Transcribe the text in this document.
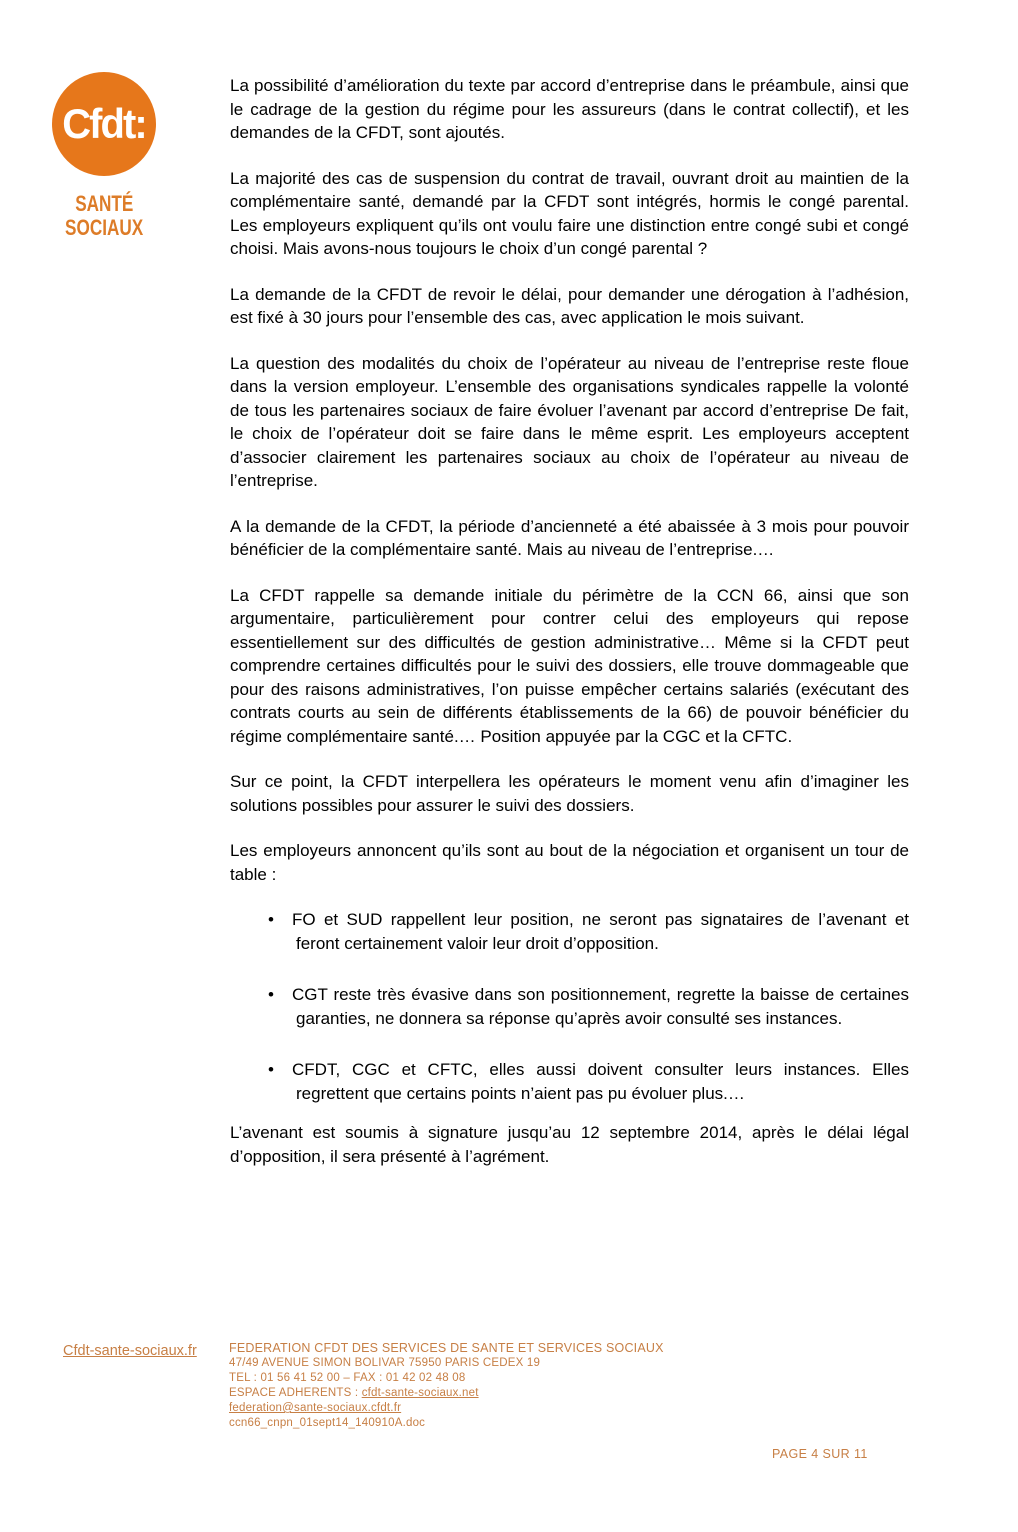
Cfdt:
SANTÉ
SOCIAUX

La possibilité d’amélioration du texte par accord d’entreprise dans le préambule, ainsi que le cadrage de la gestion du régime pour les assureurs (dans le contrat collectif), et les demandes de la CFDT, sont ajoutés.

La majorité des cas de suspension du contrat de travail, ouvrant droit au maintien de la complémentaire santé, demandé par la CFDT sont intégrés, hormis le congé parental. Les employeurs expliquent qu’ils ont voulu faire une distinction entre congé subi et congé choisi. Mais avons-nous toujours le choix d’un congé parental ?

La demande de la CFDT de revoir le délai, pour demander une dérogation à l’adhésion, est fixé à 30 jours pour l’ensemble des cas, avec application le mois suivant.

La question des modalités du choix de l’opérateur au niveau de l’entreprise reste floue dans la version employeur. L’ensemble des organisations syndicales rappelle la volonté de tous les partenaires sociaux de faire évoluer l’avenant par accord d’entreprise De fait, le choix de l’opérateur doit se faire dans le même esprit. Les employeurs acceptent d’associer clairement les partenaires sociaux au choix de l’opérateur au niveau de l’entreprise.

A la demande de la CFDT, la période d’ancienneté a été abaissée à 3 mois pour pouvoir bénéficier de la complémentaire santé. Mais au niveau de l’entreprise.…

La CFDT rappelle sa demande initiale du périmètre de la CCN 66, ainsi que son argumentaire, particulièrement pour contrer celui des employeurs qui repose essentiellement sur des difficultés de gestion administrative… Même si la CFDT peut comprendre certaines difficultés pour le suivi des dossiers, elle trouve dommageable que pour des raisons administratives, l’on puisse empêcher certains salariés (exécutant des contrats courts au sein de différents établissements de la 66) de pouvoir bénéficier du régime complémentaire santé.… Position appuyée par la CGC et la CFTC.

Sur ce point, la CFDT interpellera les opérateurs le moment venu afin d’imaginer les solutions possibles pour assurer le suivi des dossiers.

Les employeurs annoncent qu’ils sont au bout de la négociation et organisent un tour de table :

• FO et SUD rappellent leur position, ne seront pas signataires de l’avenant et feront certainement valoir leur droit d’opposition.
• CGT reste très évasive dans son positionnement, regrette la baisse de certaines garanties, ne donnera sa réponse qu’après avoir consulté ses instances.
• CFDT, CGC et CFTC, elles aussi doivent consulter leurs instances. Elles regrettent que certains points n’aient pas pu évoluer plus.…

L’avenant est soumis à signature jusqu’au 12 septembre 2014, après le délai légal d’opposition, il sera présenté à l’agrément.

Cfdt-sante-sociaux.fr	FEDERATION CFDT DES SERVICES DE SANTE ET SERVICES SOCIAUX
47/49 AVENUE SIMON BOLIVAR 75950 PARIS CEDEX 19
TEL : 01 56 41 52 00 – FAX : 01 42 02 48 08
ESPACE ADHERENTS : cfdt-sante-sociaux.net
federation@sante-sociaux.cfdt.fr
ccn66_cnpn_01sept14_140910A.doc
PAGE 4 SUR 11
